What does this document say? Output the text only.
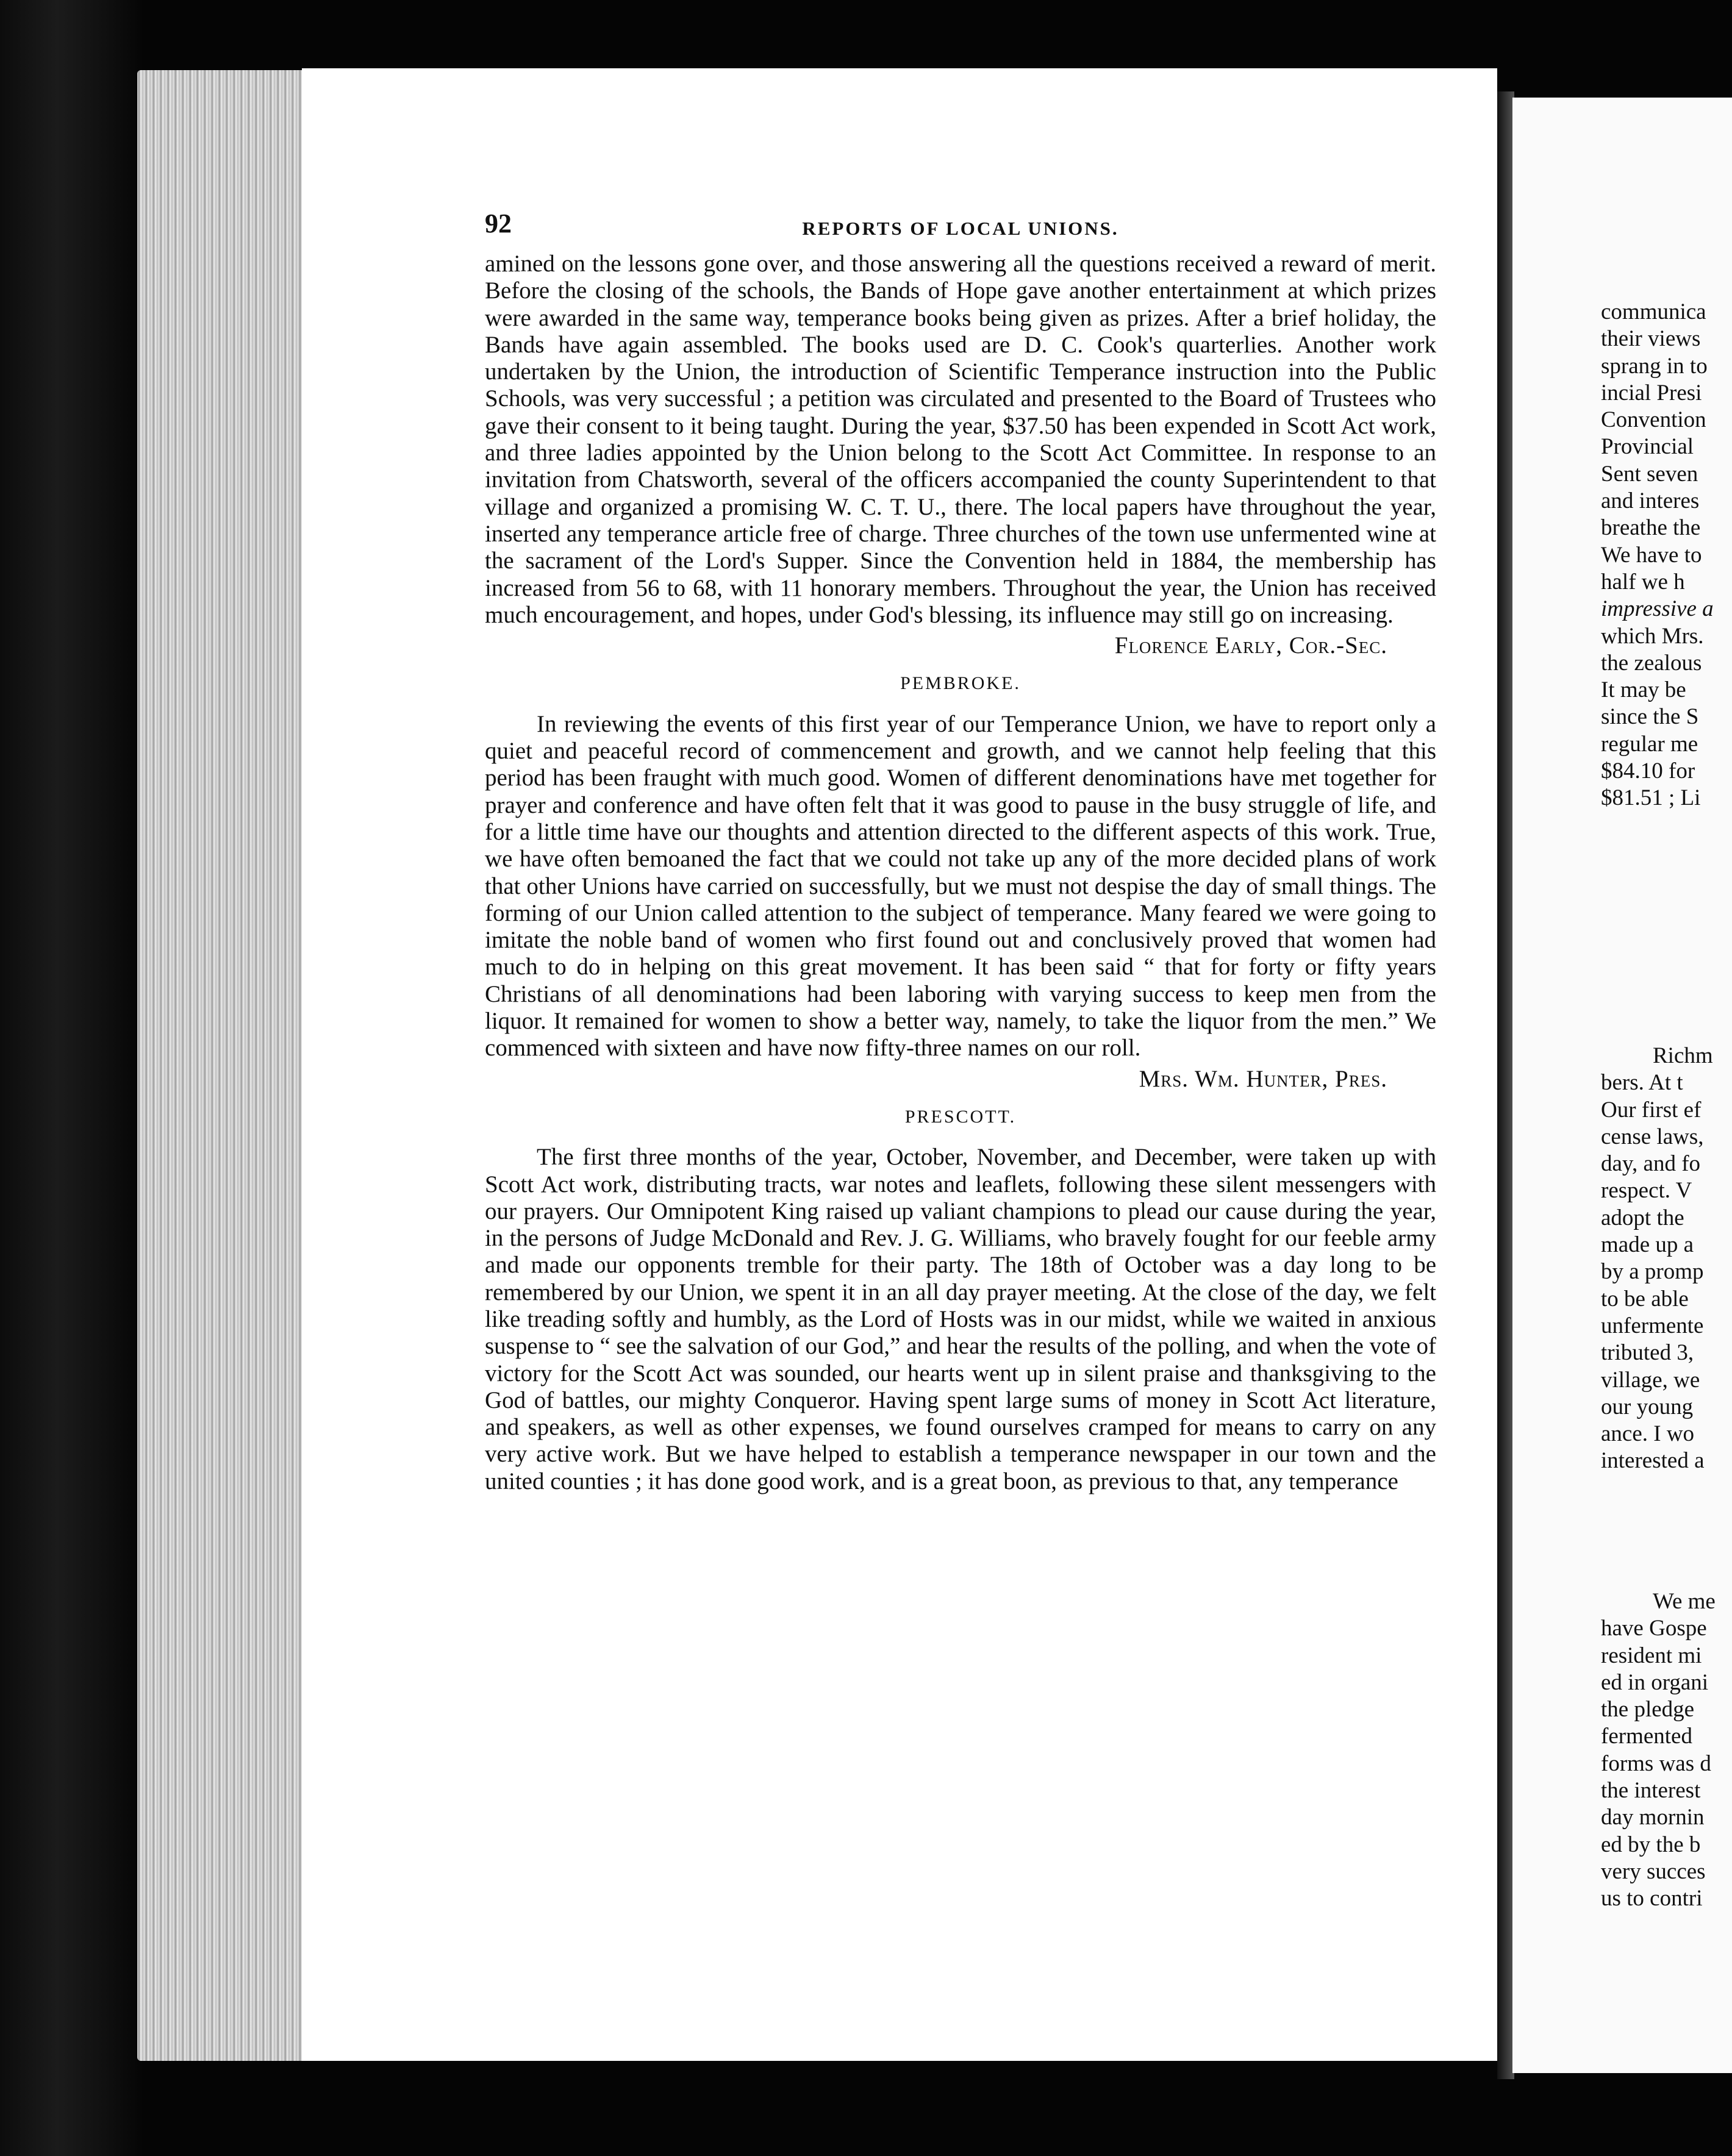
92	REPORTS OF LOCAL UNIONS.

amined on the lessons gone over, and those answering all the questions received a reward of merit. Before the closing of the schools, the Bands of Hope gave another entertainment at which prizes were awarded in the same way, temperance books being given as prizes. After a brief holiday, the Bands have again assembled. The books used are D. C. Cook's quarterlies. Another work undertaken by the Union, the introduction of Scientific Temperance instruction into the Public Schools, was very successful ; a petition was circulated and presented to the Board of Trustees who gave their consent to it being taught. During the year, $37.50 has been expended in Scott Act work, and three ladies appointed by the Union belong to the Scott Act Committee. In response to an invitation from Chatsworth, several of the officers accompanied the county Superintendent to that village and organized a promising W. C. T. U., there. The local papers have throughout the year, inserted any temperance article free of charge. Three churches of the town use unfermented wine at the sacrament of the Lord's Supper. Since the Convention held in 1884, the membership has increased from 56 to 68, with 11 honorary members. Throughout the year, the Union has received much encouragement, and hopes, under God's blessing, its influence may still go on increasing.

Florence Early, Cor.-Sec.
PEMBROKE.

In reviewing the events of this first year of our Temperance Union, we have to report only a quiet and peaceful record of commencement and growth, and we cannot help feeling that this period has been fraught with much good. Women of different denominations have met together for prayer and conference and have often felt that it was good to pause in the busy struggle of life, and for a little time have our thoughts and attention directed to the different aspects of this work. True, we have often bemoaned the fact that we could not take up any of the more decided plans of work that other Unions have carried on successfully, but we must not despise the day of small things. The forming of our Union called attention to the subject of temperance. Many feared we were going to imitate the noble band of women who first found out and conclusively proved that women had much to do in helping on this great movement. It has been said “ that for forty or fifty years Christians of all denominations had been laboring with varying success to keep men from the liquor. It remained for women to show a better way, namely, to take the liquor from the men.” We commenced with sixteen and have now fifty-three names on our roll.

Mrs. Wm. Hunter, Pres.
PRESCOTT.

The first three months of the year, October, November, and December, were taken up with Scott Act work, distributing tracts, war notes and leaflets, following these silent messengers with our prayers. Our Omnipotent King raised up valiant champions to plead our cause during the year, in the persons of Judge McDonald and Rev. J. G. Williams, who bravely fought for our feeble army and made our opponents tremble for their party. The 18th of October was a day long to be remembered by our Union, we spent it in an all day prayer meeting. At the close of the day, we felt like treading softly and humbly, as the Lord of Hosts was in our midst, while we waited in anxious suspense to “ see the salvation of our God,” and hear the results of the polling, and when the vote of victory for the Scott Act was sounded, our hearts went up in silent praise and thanksgiving to the God of battles, our mighty Conqueror. Having spent large sums of money in Scott Act literature, and speakers, as well as other expenses, we found ourselves cramped for means to carry on any very active work. But we have helped to establish a temperance newspaper in our town and the united counties ; it has done good work, and is a great boon, as previous to that, any temperance

communica
their views
sprang in to
incial Presi
Convention
Provincial
Sent seven
and interes
breathe the
We have to
half we h
impressive a
which Mrs.
the zealous
It may be
since the S
regular me
$84.10 for
$81.51 ; Li
Richm
bers. At t
Our first ef
cense laws,
day, and fo
respect. V
adopt the
made up a
by a promp
to be able
unfermente
tributed 3,
village, we
our young
ance. I wo
interested a
We me
have Gospe
resident mi
ed in organi
the pledge
fermented
forms was d
the interest
day mornin
ed by the b
very succes
us to contri
